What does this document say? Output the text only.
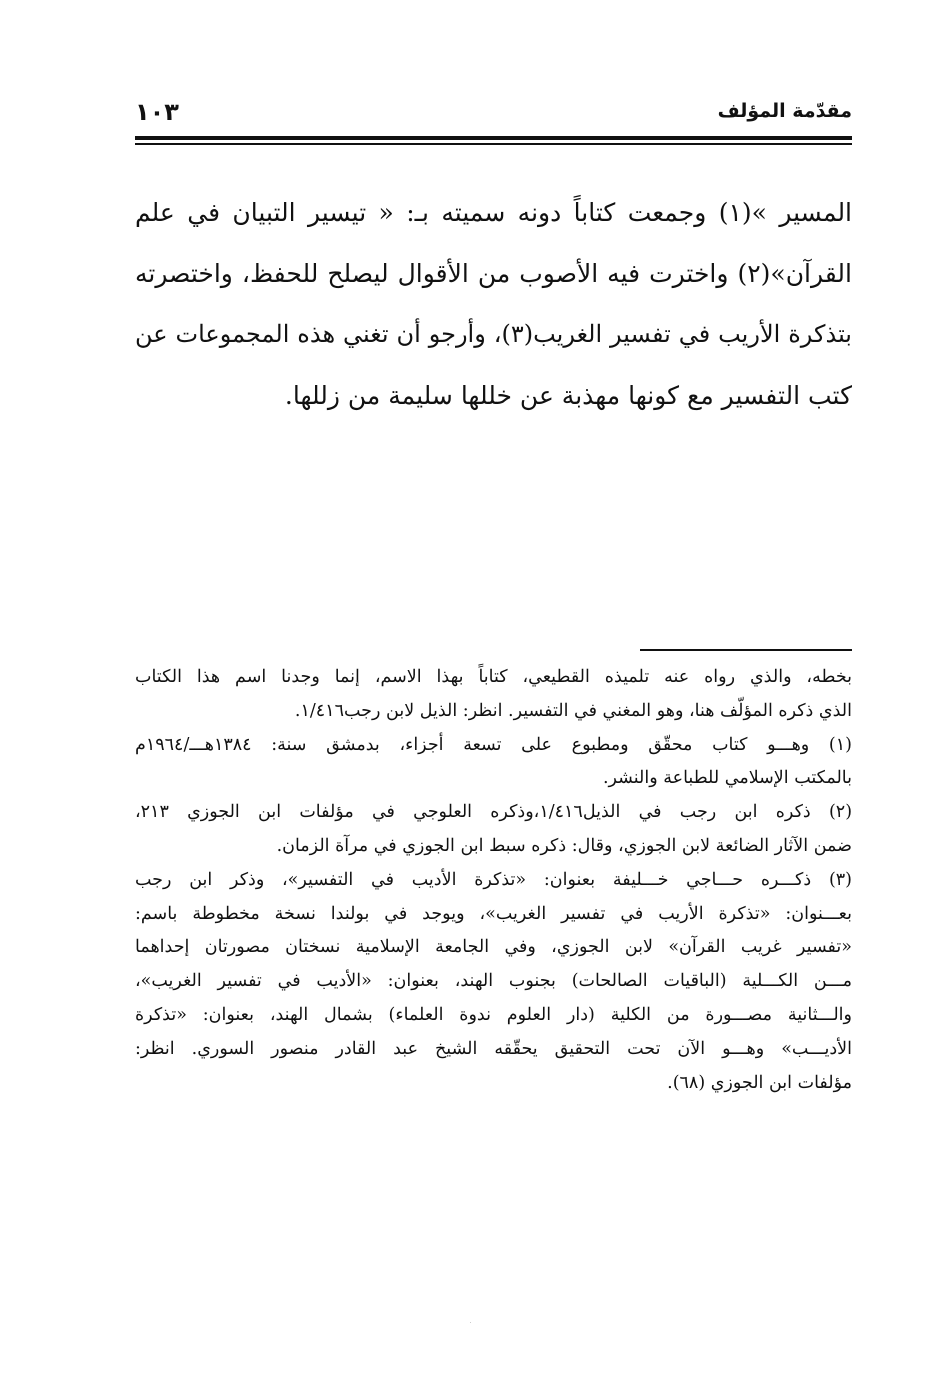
مقدّمة المؤلف
١٠٣
المسير »(١) وجمعت كتاباً دونه سميته بـ: « تيسير التبيان في علم
القرآن»(٢) واخترت فيه الأصوب من الأقوال ليصلح للحفظ، واختصرته
بتذكرة الأريب في تفسير الغريب(٣)، وأرجو أن تغني هذه المجموعات عن
كتب التفسير مع كونها مهذبة عن خللها سليمة من زللها.
بخطه، والذي رواه عنه تلميذه القطيعي، كتاباً بهذا الاسم، إنما وجدنا اسم هذا الكتاب
الذي ذكره المؤلّف هنا، وهو المغني في التفسير. انظر: الذيل لابن رجب١/٤١٦.
(١) وهـــو كتاب محقّق ومطبوع على تسعة أجزاء، بدمشق سنة: ١٣٨٤هـــ/١٩٦٤م
بالمكتب الإسلامي للطباعة والنشر.
(٢) ذكره ابن رجب في الذيل١/٤١٦،وذكره العلوجي في مؤلفات ابن الجوزي ٢١٣،
ضمن الآثار الضائعة لابن الجوزي، وقال: ذكره سبط ابن الجوزي في مرآة الزمان.
(٣) ذكـــره حـــاجي خـــليفة بعنوان: «تذكرة الأديب في التفسير»، وذكر ابن رجب
بعـــنوان: «تذكرة الأريب في تفسير الغريب»، ويوجد في بولندا نسخة مخطوطة باسم:
«تفسير غريب القرآن» لابن الجوزي، وفي الجامعة الإسلامية نسختان مصورتان إحداهما
مـــن الكـــلية (الباقيات الصالحات) بجنوب الهند، بعنوان: «الأديب في تفسير الغريب»،
والـــثانية مصـــورة من الكلية (دار العلوم ندوة العلماء) بشمال الهند، بعنوان: «تذكرة
الأديـــب» وهـــو الآن تحت التحقيق يحقّقه الشيخ عبد القادر منصور السوري. انظر:
مؤلفات ابن الجوزي (٦٨).
